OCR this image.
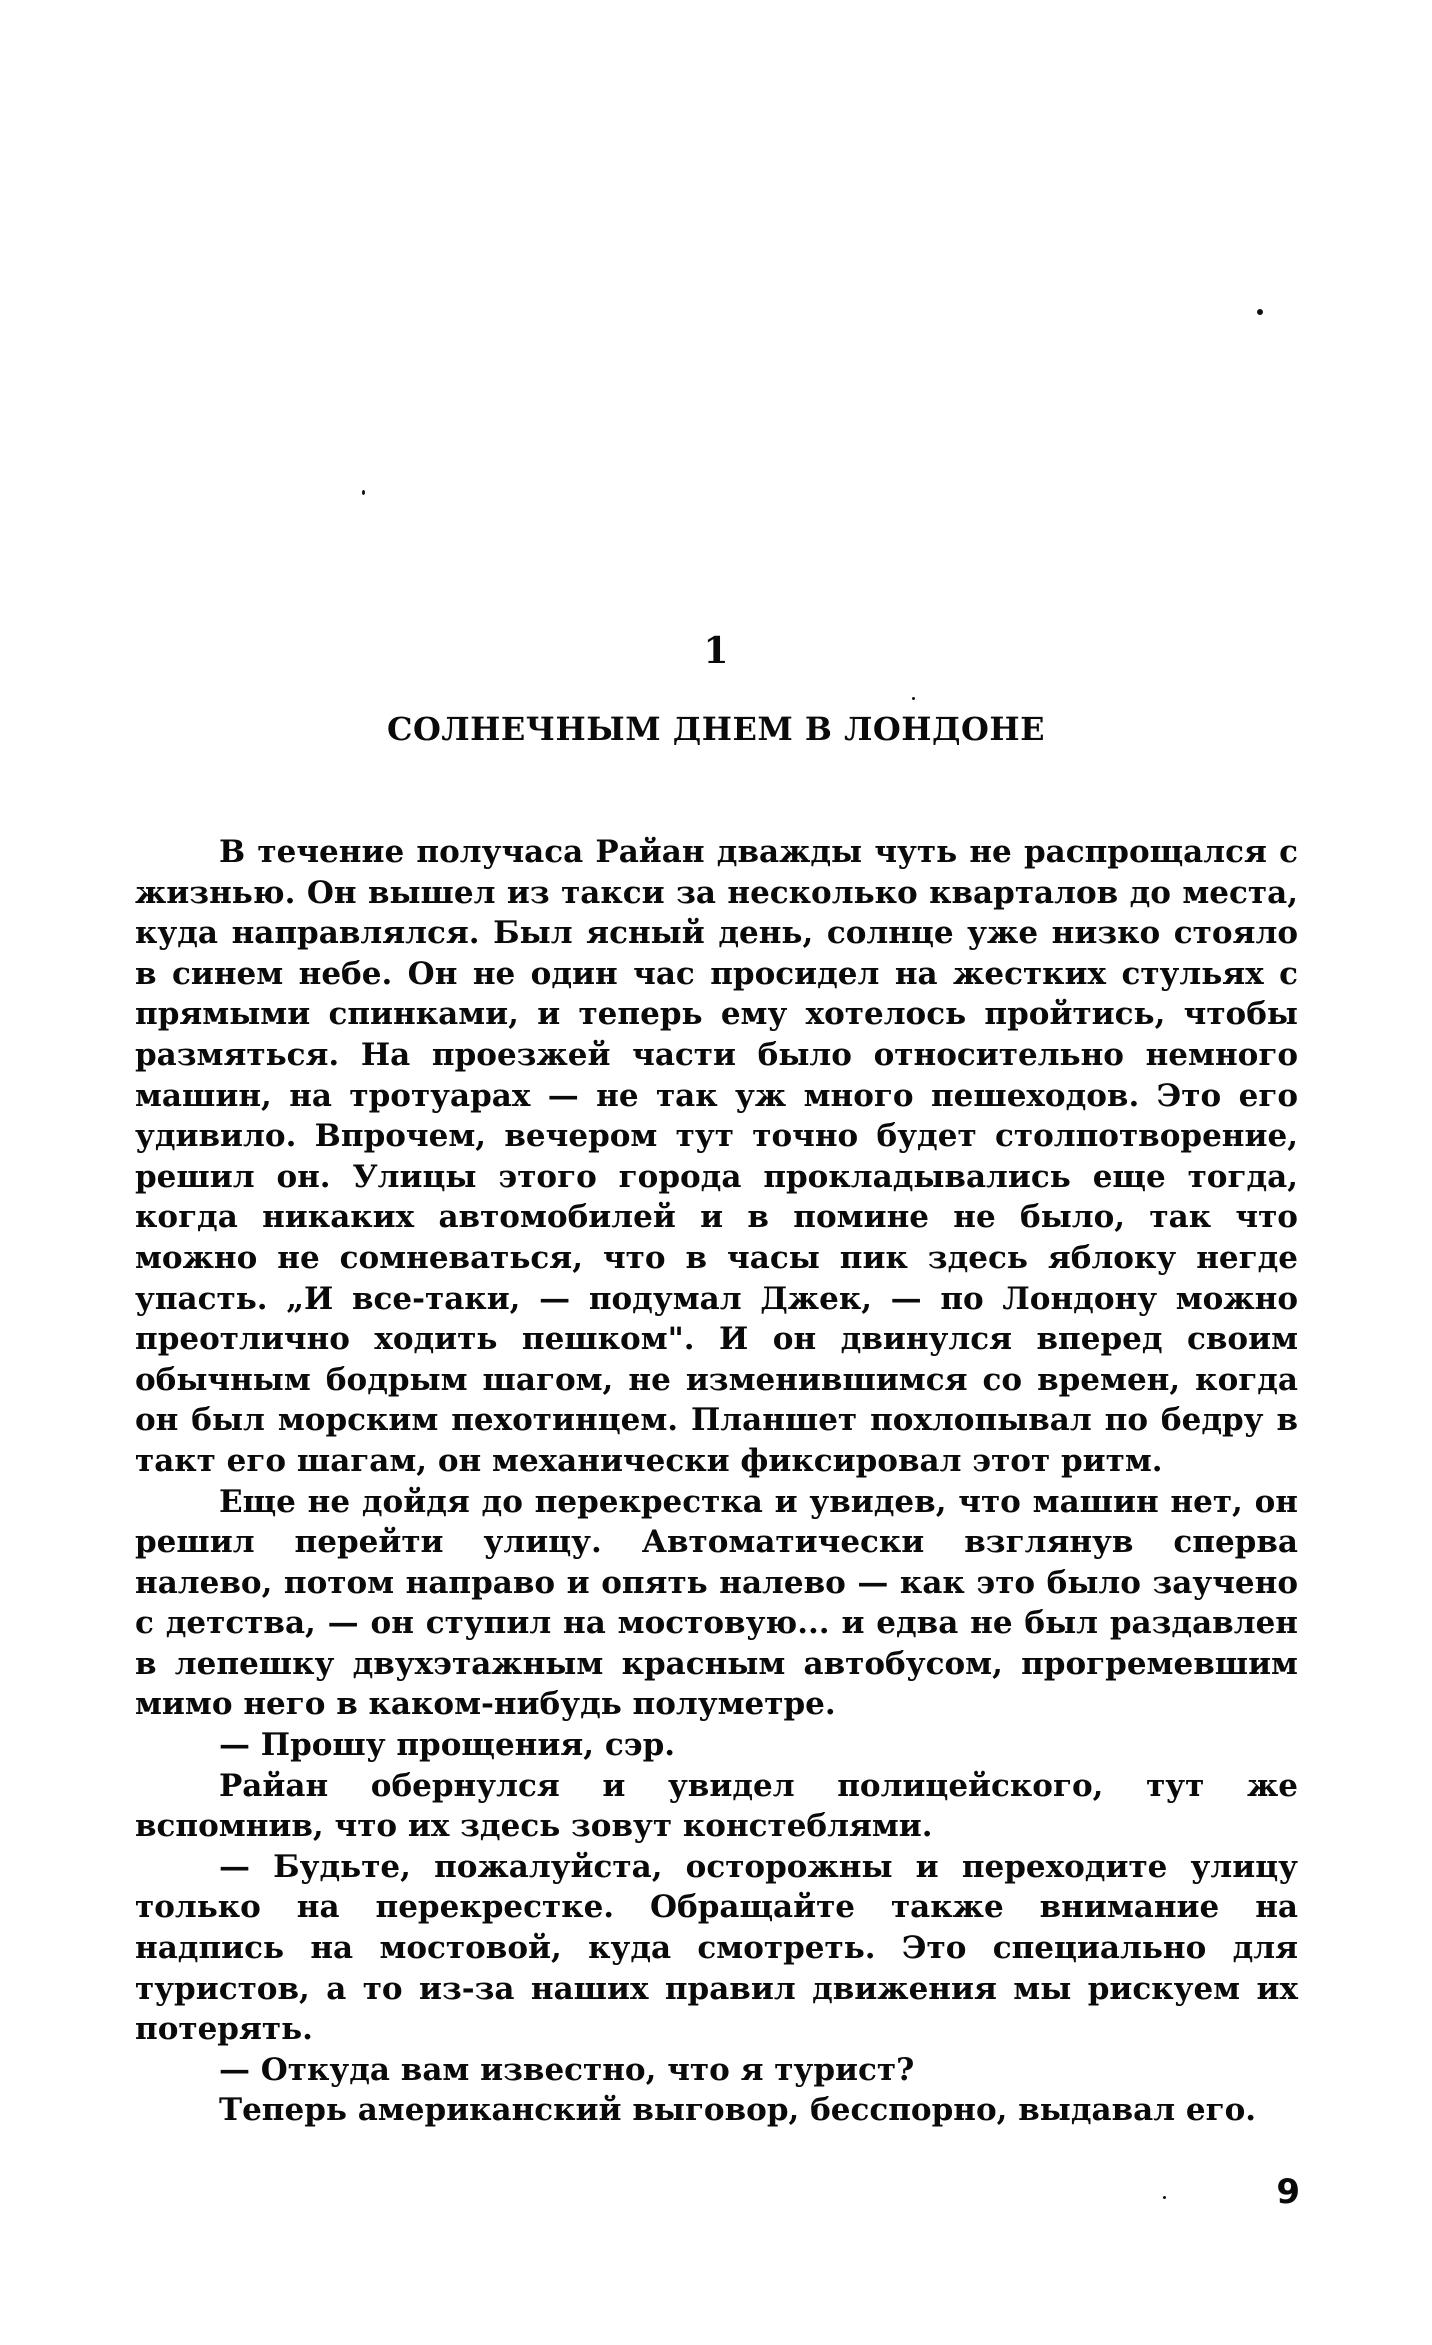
1
СОЛНЕЧНЫМ ДНЕМ В ЛОНДОНЕ

В течение получаса Райан дважды чуть не распрощался с жизнью. Он вышел из такси за несколько кварталов до места, куда направлялся. Был ясный день, солнце уже низко стояло в синем небе. Он не один час просидел на жестких стульях с прямыми спинками, и теперь ему хотелось пройтись, чтобы размяться. На проезжей части было относительно немного машин, на тротуарах — не так уж много пешеходов. Это его удивило. Впрочем, вечером тут точно будет столпотворение, решил он. Улицы этого города прокладывались еще тогда, когда никаких автомобилей и в помине не было, так что можно не сомневаться, что в часы пик здесь яблоку негде упасть. „И все-таки, — подумал Джек, — по Лондону можно преотлично ходить пешком". И он двинулся вперед своим обычным бодрым шагом, не изменившимся со времен, когда он был морским пехотинцем. Планшет похлопывал по бедру в такт его шагам, он механически фиксировал этот ритм.

Еще не дойдя до перекрестка и увидев, что машин нет, он решил перейти улицу. Автоматически взглянув сперва налево, потом направо и опять налево — как это было заучено с детства, — он ступил на мостовую... и едва не был раздавлен в лепешку двухэтажным красным автобусом, прогремевшим мимо него в каком-нибудь полуметре.

— Прошу прощения, сэр.

Райан обернулся и увидел полицейского, тут же вспомнив, что их здесь зовут констеблями.

— Будьте, пожалуйста, осторожны и переходите улицу только на перекрестке. Обращайте также внимание на надпись на мостовой, куда смотреть. Это специально для туристов, а то из-за наших правил движения мы рискуем их потерять.

— Откуда вам известно, что я турист?

Теперь американский выговор, бесспорно, выдавал его.

9
